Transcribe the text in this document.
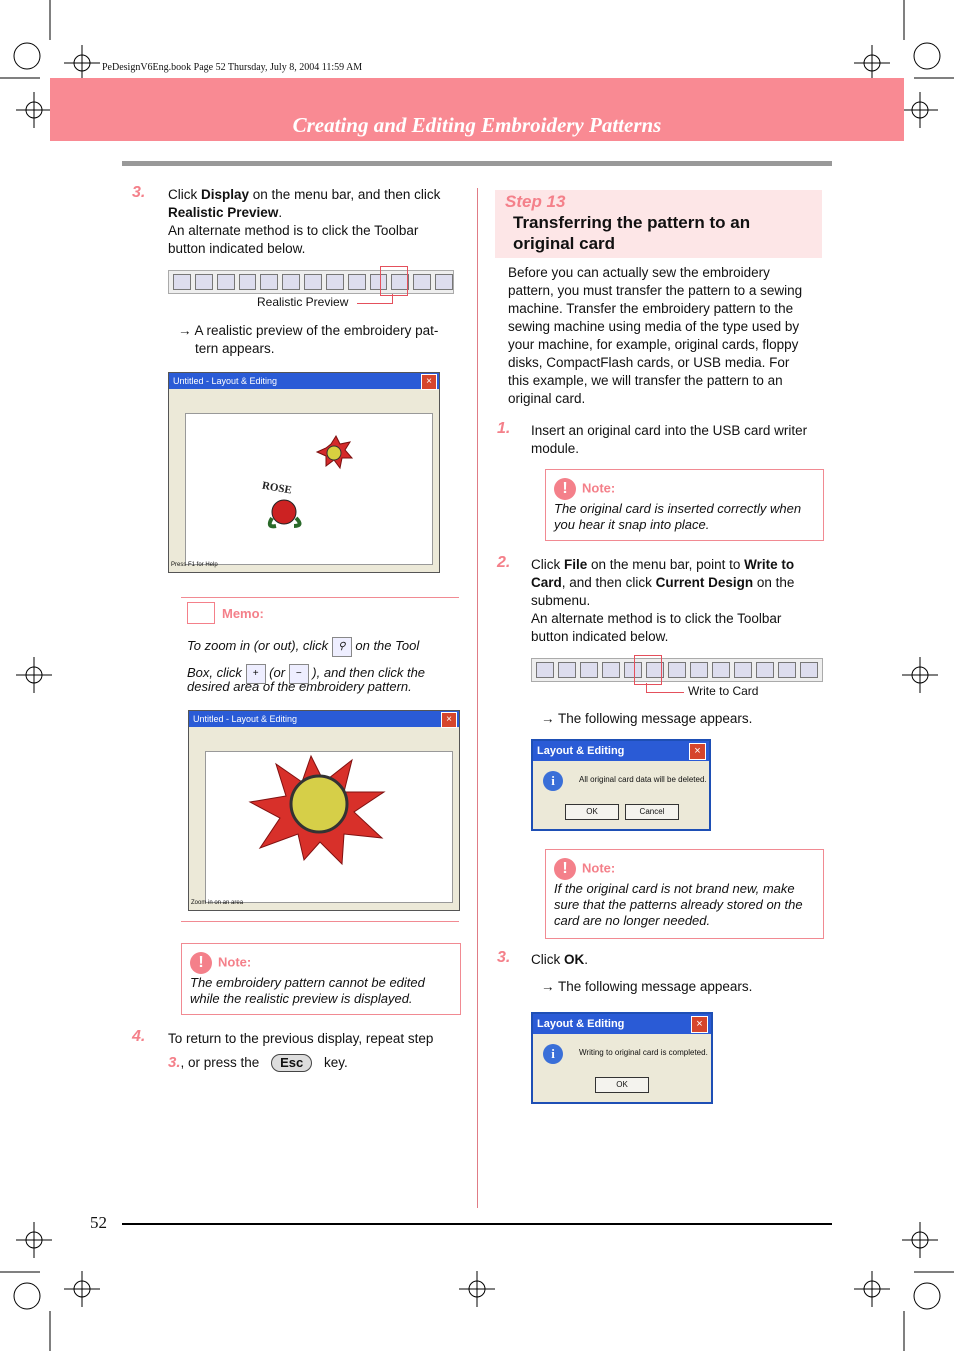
PeDesignV6Eng.book Page 52 Thursday, July 8, 2004 11:59 AM
Creating and Editing Embroidery Patterns
3. Click Display on the menu bar, and then click
Realistic Preview.
An alternate method is to click the Toolbar
button indicated below.
Realistic Preview
→ A realistic preview of the embroidery pat-
tern appears.
Untitled - Layout & Editing	×
ROSE
Press F1 for Help
Memo:
To zoom in (or out), click ⚲ on the Tool
Box, click + (or − ), and then click the
desired area of the embroidery pattern.
Untitled - Layout & Editing	×
Zoom in on an area
! Note:
The embroidery pattern cannot be edited
while the realistic preview is displayed.
4. To return to the previous display, repeat step
3., or press the Esc key.
Step 13
Transferring the pattern to an
original card
Before you can actually sew the embroidery
pattern, you must transfer the pattern to a sewing
machine. Transfer the embroidery pattern to the
sewing machine using media of the type used by
your machine, for example, original cards, floppy
disks, CompactFlash cards, or USB media. For
this example, we will transfer the pattern to an
original card.
1. Insert an original card into the USB card writer
module.
! Note:
The original card is inserted correctly when
you hear it snap into place.
2. Click File on the menu bar, point to Write to
Card, and then click Current Design on the
submenu.
An alternate method is to click the Toolbar
button indicated below.
Write to Card
→ The following message appears.
Layout & Editing	×
i	All original card data will be deleted.
OK	Cancel
! Note:
If the original card is not brand new, make
sure that the patterns already stored on the
card are no longer needed.
3. Click OK.
→ The following message appears.
Layout & Editing	×
i	Writing to original card is completed.
OK
52
